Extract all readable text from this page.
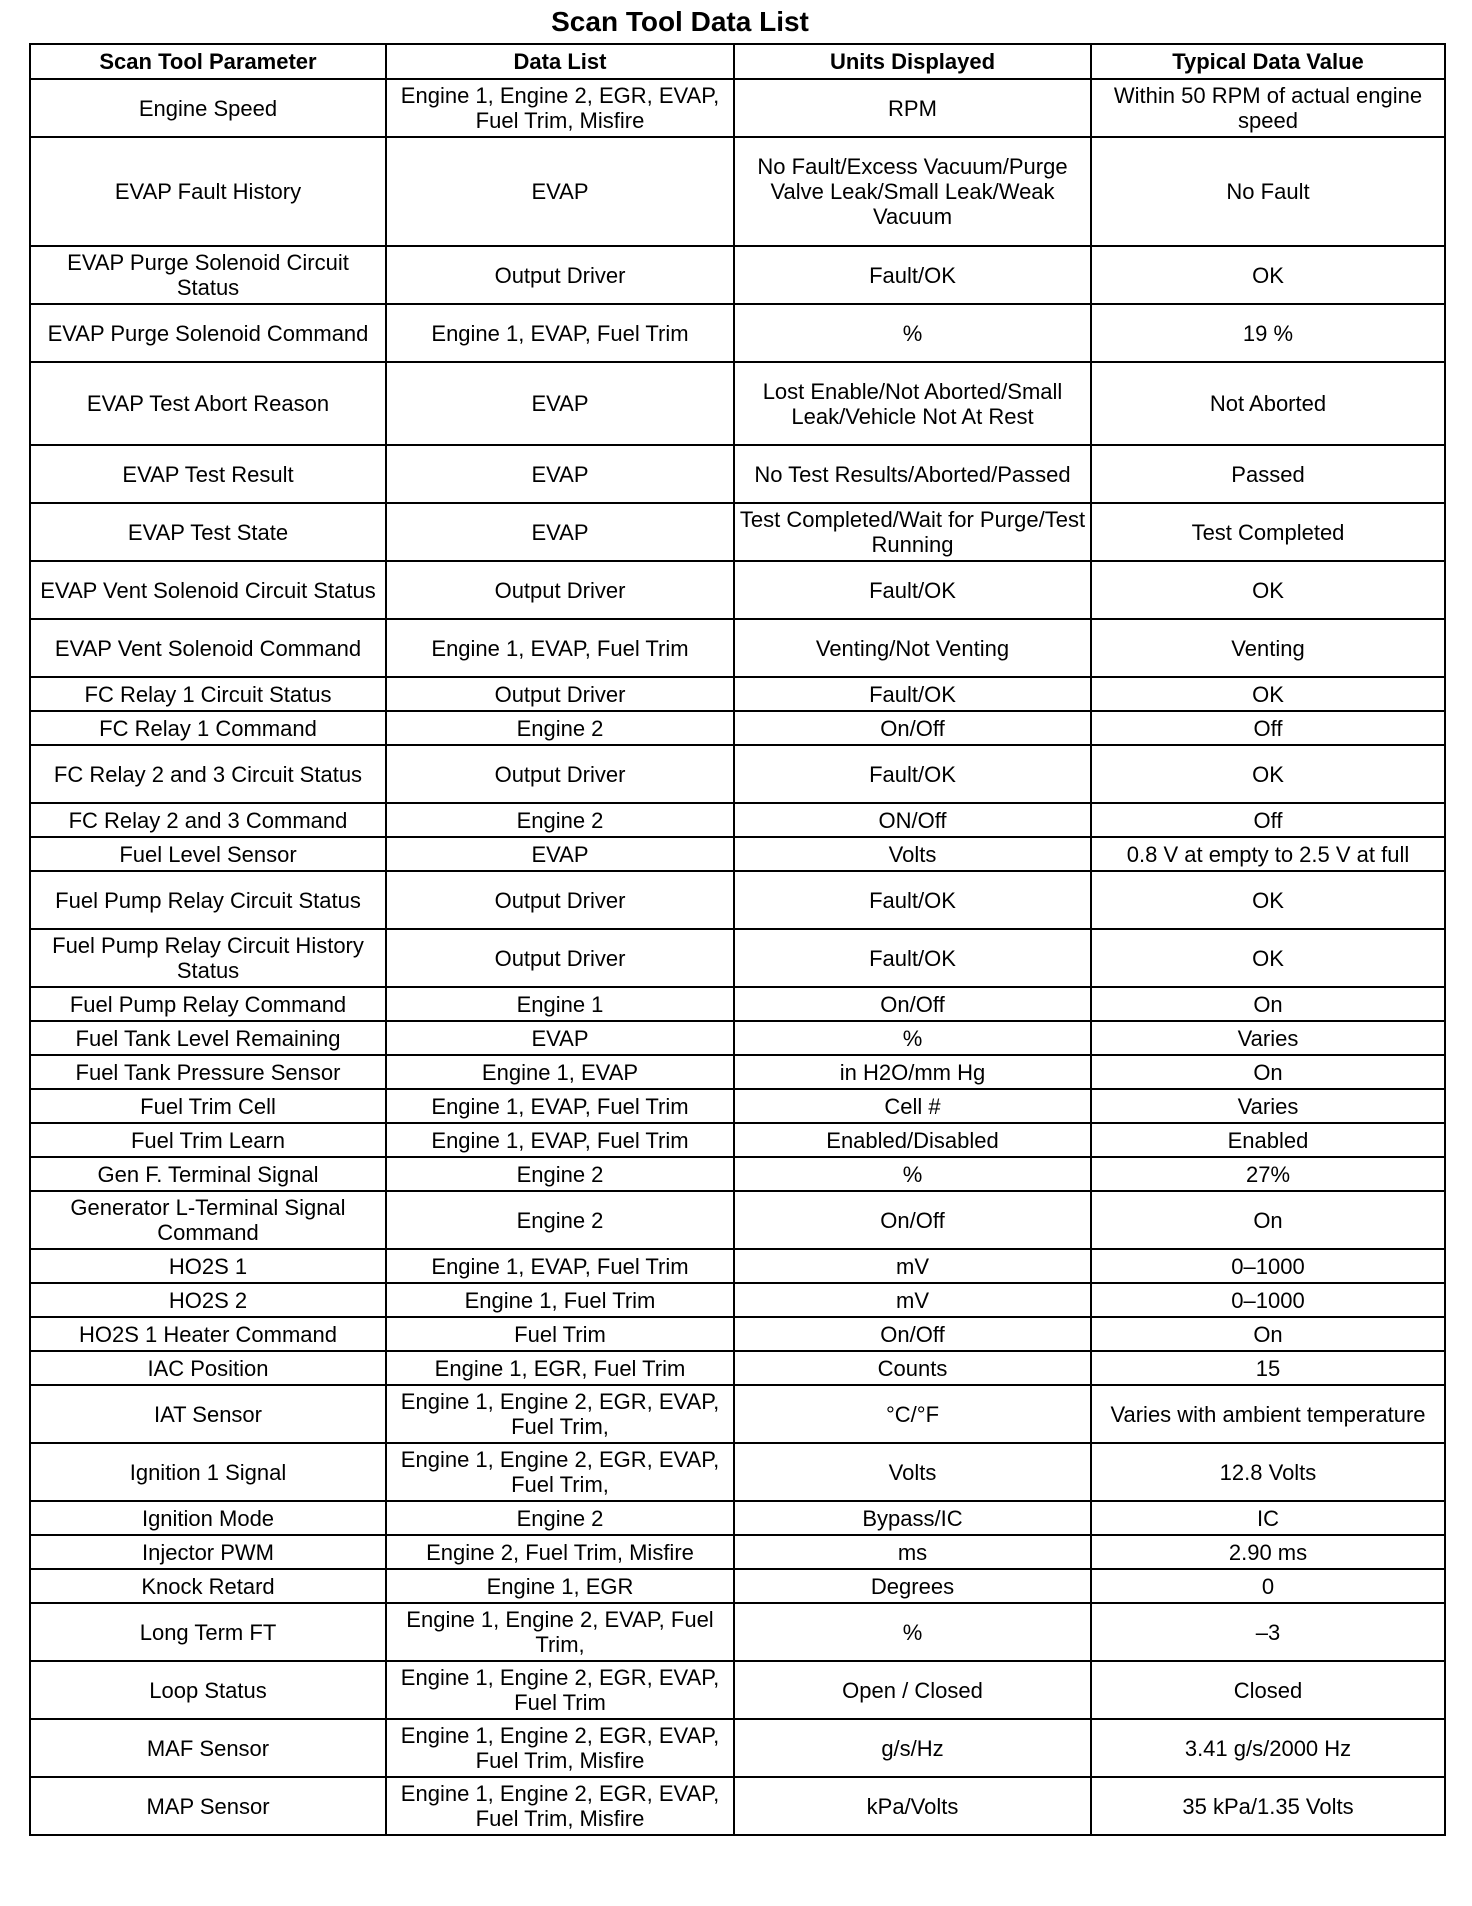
Scan Tool Data List
Scan Tool Parameter	Data List	Units Displayed	Typical Data Value
Engine Speed	Engine 1, Engine 2, EGR, EVAP, Fuel Trim, Misfire	RPM	Within 50 RPM of actual engine speed
EVAP Fault History	EVAP	No Fault/Excess Vacuum/Purge Valve Leak/Small Leak/Weak Vacuum	No Fault
EVAP Purge Solenoid Circuit Status	Output Driver	Fault/OK	OK
EVAP Purge Solenoid Command	Engine 1, EVAP, Fuel Trim	%	19 %
EVAP Test Abort Reason	EVAP	Lost Enable/Not Aborted/Small Leak/Vehicle Not At Rest	Not Aborted
EVAP Test Result	EVAP	No Test Results/Aborted/Passed	Passed
EVAP Test State	EVAP	Test Completed/Wait for Purge/Test Running	Test Completed
EVAP Vent Solenoid Circuit Status	Output Driver	Fault/OK	OK
EVAP Vent Solenoid Command	Engine 1, EVAP, Fuel Trim	Venting/Not Venting	Venting
FC Relay 1 Circuit Status	Output Driver	Fault/OK	OK
FC Relay 1 Command	Engine 2	On/Off	Off
FC Relay 2 and 3 Circuit Status	Output Driver	Fault/OK	OK
FC Relay 2 and 3 Command	Engine 2	ON/Off	Off
Fuel Level Sensor	EVAP	Volts	0.8 V at empty to 2.5 V at full
Fuel Pump Relay Circuit Status	Output Driver	Fault/OK	OK
Fuel Pump Relay Circuit History Status	Output Driver	Fault/OK	OK
Fuel Pump Relay Command	Engine 1	On/Off	On
Fuel Tank Level Remaining	EVAP	%	Varies
Fuel Tank Pressure Sensor	Engine 1, EVAP	in H2O/mm Hg	On
Fuel Trim Cell	Engine 1, EVAP, Fuel Trim	Cell #	Varies
Fuel Trim Learn	Engine 1, EVAP, Fuel Trim	Enabled/Disabled	Enabled
Gen F. Terminal Signal	Engine 2	%	27%
Generator L-Terminal Signal Command	Engine 2	On/Off	On
HO2S 1	Engine 1, EVAP, Fuel Trim	mV	0–1000
HO2S 2	Engine 1, Fuel Trim	mV	0–1000
HO2S 1 Heater Command	Fuel Trim	On/Off	On
IAC Position	Engine 1, EGR, Fuel Trim	Counts	15
IAT Sensor	Engine 1, Engine 2, EGR, EVAP, Fuel Trim,	°C/°F	Varies with ambient temperature
Ignition 1 Signal	Engine 1, Engine 2, EGR, EVAP, Fuel Trim,	Volts	12.8 Volts
Ignition Mode	Engine 2	Bypass/IC	IC
Injector PWM	Engine 2, Fuel Trim, Misfire	ms	2.90 ms
Knock Retard	Engine 1, EGR	Degrees	0
Long Term FT	Engine 1, Engine 2, EVAP, Fuel Trim,	%	–3
Loop Status	Engine 1, Engine 2, EGR, EVAP, Fuel Trim	Open / Closed	Closed
MAF Sensor	Engine 1, Engine 2, EGR, EVAP, Fuel Trim, Misfire	g/s/Hz	3.41 g/s/2000 Hz
MAP Sensor	Engine 1, Engine 2, EGR, EVAP, Fuel Trim, Misfire	kPa/Volts	35 kPa/1.35 Volts
